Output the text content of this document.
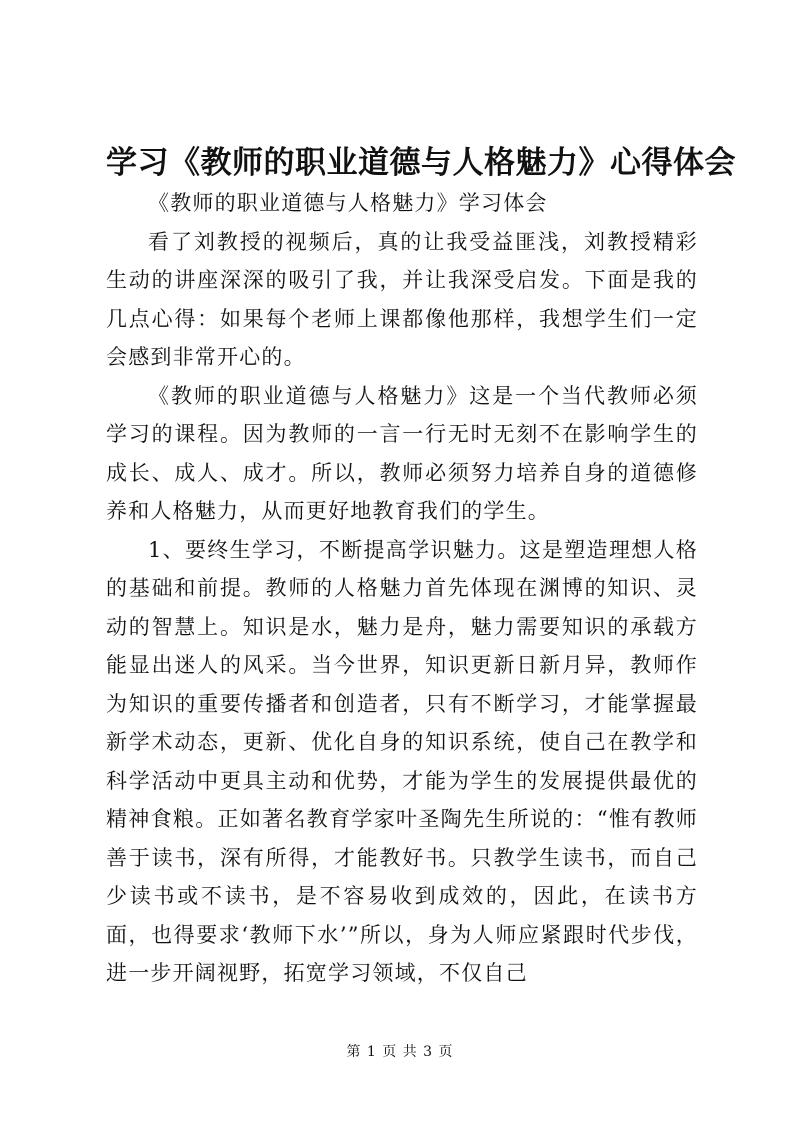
学习《教师的职业道德与人格魅力》心得体会

《教师的职业道德与人格魅力》学习体会

看了刘教授的视频后，真的让我受益匪浅，刘教授精彩生动的讲座深深的吸引了我，并让我深受启发。下面是我的几点心得：如果每个老师上课都像他那样，我想学生们一定会感到非常开心的。

《教师的职业道德与人格魅力》这是一个当代教师必须学习的课程。因为教师的一言一行无时无刻不在影响学生的成长、成人、成才。所以，教师必须努力培养自身的道德修养和人格魅力，从而更好地教育我们的学生。

1、要终生学习，不断提高学识魅力。这是塑造理想人格的基础和前提。教师的人格魅力首先体现在渊博的知识、灵动的智慧上。知识是水，魅力是舟，魅力需要知识的承载方能显出迷人的风采。当今世界，知识更新日新月异，教师作为知识的重要传播者和创造者，只有不断学习，才能掌握最新学术动态，更新、优化自身的知识系统，使自己在教学和科学活动中更具主动和优势，才能为学生的发展提供最优的精神食粮。正如著名教育学家叶圣陶先生所说的：“惟有教师善于读书，深有所得，才能教好书。只教学生读书，而自己少读书或不读书，是不容易收到成效的，因此，在读书方面，也得要求‘教师下水’”所以，身为人师应紧跟时代步伐，进一步开阔视野，拓宽学习领域，不仅自己

第 1 页 共 3 页
